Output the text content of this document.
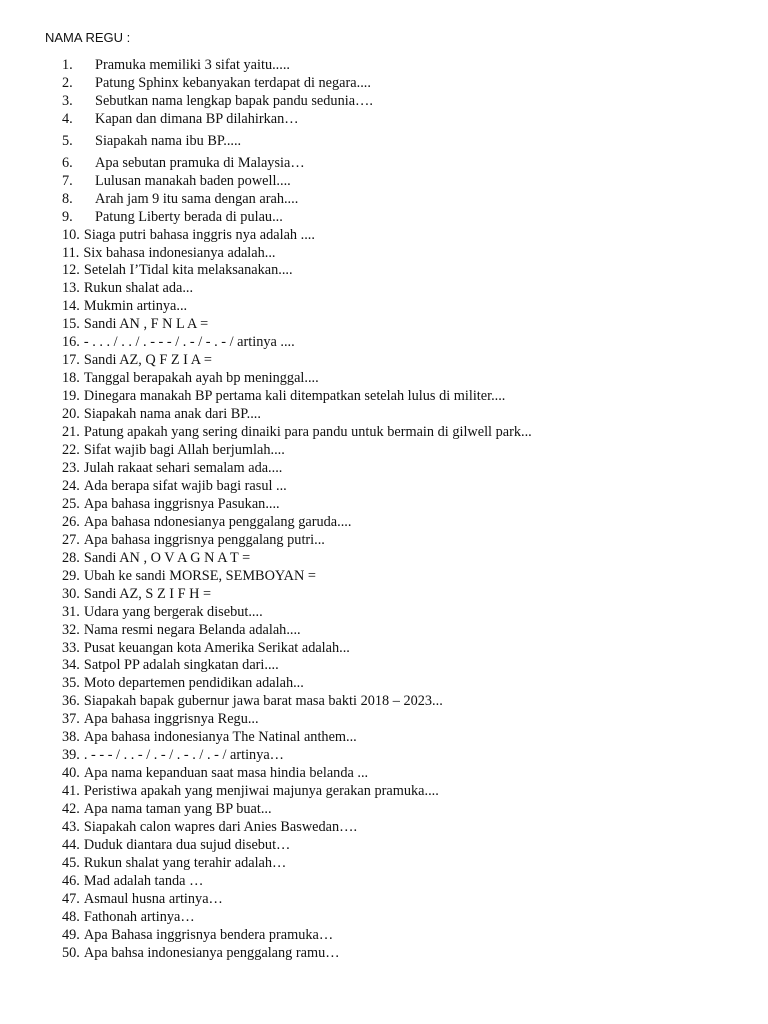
NAMA REGU :
1.	Pramuka memiliki 3 sifat yaitu.....
2.	Patung Sphinx kebanyakan terdapat di negara....
3.	Sebutkan nama lengkap bapak pandu sedunia….
4.	Kapan dan dimana BP dilahirkan…
5.	Siapakah nama ibu BP.....
6.	Apa sebutan pramuka di Malaysia…
7.	Lulusan manakah baden powell....
8.	Arah jam 9 itu sama dengan arah....
9.	Patung Liberty berada di pulau...
10. Siaga putri bahasa inggris nya adalah ....
11. Six bahasa indonesianya adalah...
12. Setelah I’Tidal kita melaksanakan....
13. Rukun shalat ada...
14. Mukmin artinya...
15. Sandi AN , F N L A =
16. - . . . / . . / . - - - / . - / - . - / artinya ....
17. Sandi AZ, Q F Z I A =
18. Tanggal berapakah ayah bp meninggal....
19. Dinegara manakah BP pertama kali ditempatkan setelah lulus di militer....
20. Siapakah nama anak dari BP....
21. Patung apakah yang sering dinaiki para pandu untuk bermain di gilwell park...
22. Sifat wajib bagi Allah berjumlah....
23. Julah rakaat sehari semalam ada....
24. Ada berapa sifat wajib bagi rasul ...
25. Apa bahasa inggrisnya Pasukan....
26. Apa bahasa ndonesianya penggalang garuda....
27. Apa bahasa inggrisnya penggalang putri...
28. Sandi AN , O V A G N A T =
29. Ubah ke sandi MORSE, SEMBOYAN =
30. Sandi AZ, S Z I F H =
31. Udara yang bergerak disebut....
32. Nama resmi negara Belanda adalah....
33. Pusat keuangan kota Amerika Serikat adalah...
34. Satpol PP adalah singkatan dari....
35. Moto departemen pendidikan adalah...
36. Siapakah bapak gubernur jawa barat masa bakti 2018 – 2023...
37. Apa bahasa inggrisnya Regu...
38. Apa bahasa indonesianya The Natinal anthem...
39. . - - - / . . - / . - / . - . / . - / artinya…
40. Apa nama kepanduan saat masa hindia belanda ...
41. Peristiwa apakah yang menjiwai majunya gerakan pramuka....
42. Apa nama taman yang BP buat...
43. Siapakah calon wapres dari Anies Baswedan….
44. Duduk diantara dua sujud disebut…
45. Rukun shalat yang terahir adalah…
46. Mad adalah tanda …
47. Asmaul husna artinya…
48. Fathonah artinya…
49. Apa Bahasa inggrisnya bendera pramuka…
50. Apa bahsa indonesianya penggalang ramu…
